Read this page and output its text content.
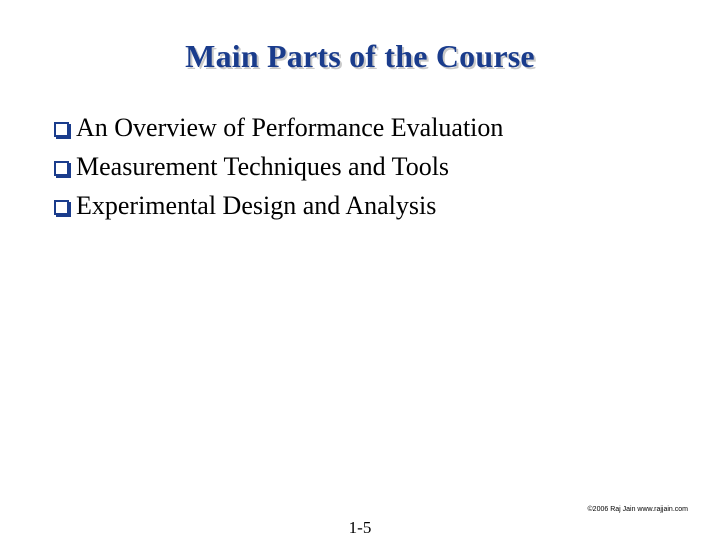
Main Parts of the Course
An Overview of Performance Evaluation
Measurement Techniques and Tools
Experimental Design and Analysis
©2006 Raj Jain www.rajjain.com
1-5
